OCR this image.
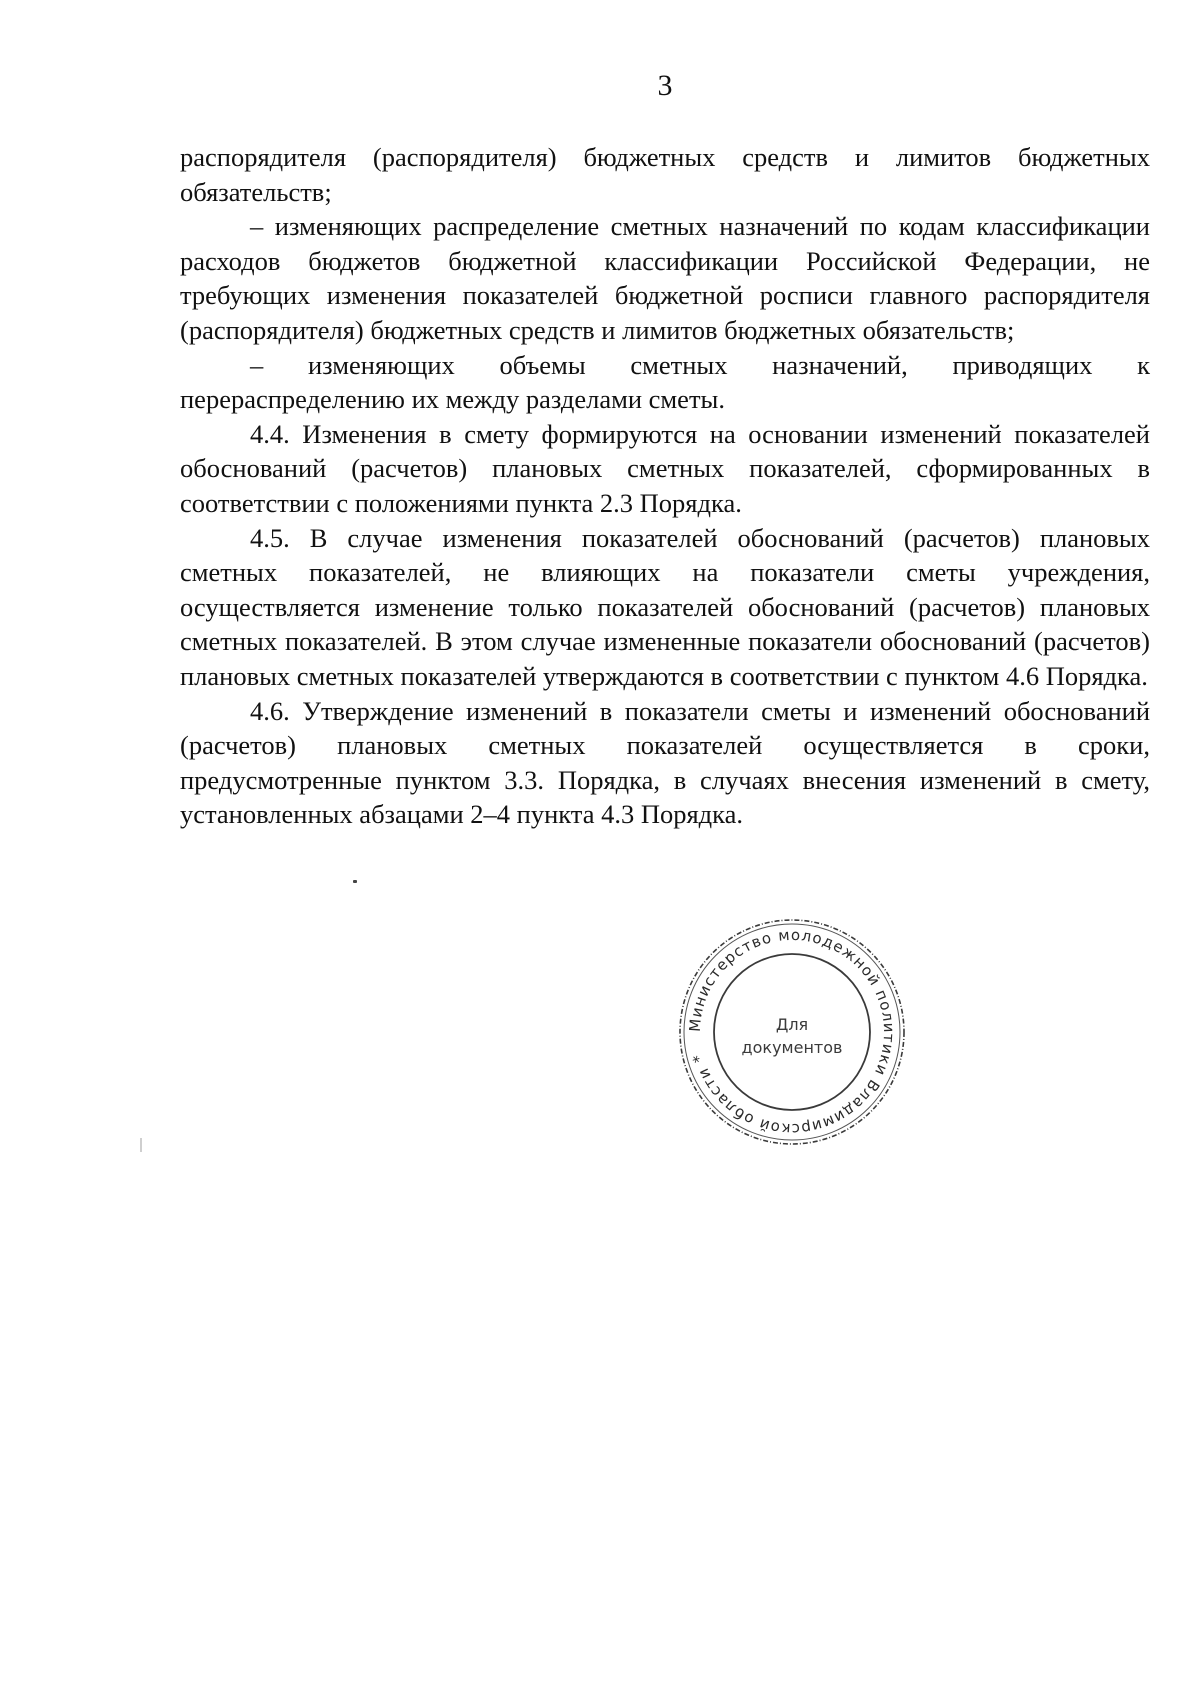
3

распорядителя (распорядителя) бюджетных средств и лимитов бюджетных обязательств;

– изменяющих распределение сметных назначений по кодам классификации расходов бюджетов бюджетной классификации Российской Федерации, не требующих изменения показателей бюджетной росписи главного распорядителя (распорядителя) бюджетных средств и лимитов бюджетных обязательств;

– изменяющих объемы сметных назначений, приводящих к перераспределению их между разделами сметы.

4.4. Изменения в смету формируются на основании изменений показателей обоснований (расчетов) плановых сметных показателей, сформированных в соответствии с положениями пункта 2.3 Порядка.

4.5. В случае изменения показателей обоснований (расчетов) плановых сметных показателей, не влияющих на показатели сметы учреждения, осуществляется изменение только показателей обоснований (расчетов) плановых сметных показателей. В этом случае измененные показатели обоснований (расчетов) плановых сметных показателей утверждаются в соответствии с пунктом 4.6 Порядка.

4.6. Утверждение изменений в показатели сметы и изменений обоснований (расчетов) плановых сметных показателей осуществляется в сроки, предусмотренные пунктом 3.3. Порядка, в случаях внесения изменений в смету, установленных абзацами 2–4 пункта 4.3 Порядка.

Министерство молодежной политики Владимирской области *
Для
документов
